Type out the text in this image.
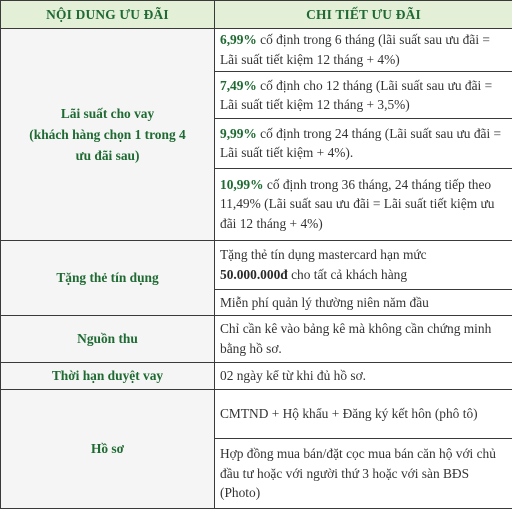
NỘI DUNG ƯU ĐÃI	CHI TIẾT ƯU ĐÃI
Lãi suất cho vay
(khách hàng chọn 1 trong 4
ưu đãi sau)	6,99% cố định trong 6 tháng (lãi suất sau ưu đãi = Lãi suất tiết kiệm 12 tháng + 4%)
	7,49% cố định cho 12 tháng (Lãi suất sau ưu đãi = Lãi suất tiết kiệm 12 tháng + 3,5%)
	9,99% cố định trong 24 tháng (Lãi suất sau ưu đãi = Lãi suất tiết kiệm + 4%).
	10,99% cố định trong 36 tháng, 24 tháng tiếp theo 11,49% (Lãi suất sau ưu đãi = Lãi suất tiết kiệm ưu đãi 12 tháng + 4%)
Tặng thẻ tín dụng	Tặng thẻ tín dụng mastercard hạn mức
50.000.000đ cho tất cả khách hàng
	Miễn phí quản lý thường niên năm đầu
Nguồn thu	Chỉ cần kê vào bảng kê mà không cần chứng minh bằng hồ sơ.
Thời hạn duyệt vay	02 ngày kể từ khi đủ hồ sơ.
Hồ sơ	CMTND + Hộ khẩu + Đăng ký kết hôn (phô tô)
	Hợp đồng mua bán/đặt cọc mua bán căn hộ với chủ đầu tư hoặc với người thứ 3 hoặc với sàn BĐS (Photo)
